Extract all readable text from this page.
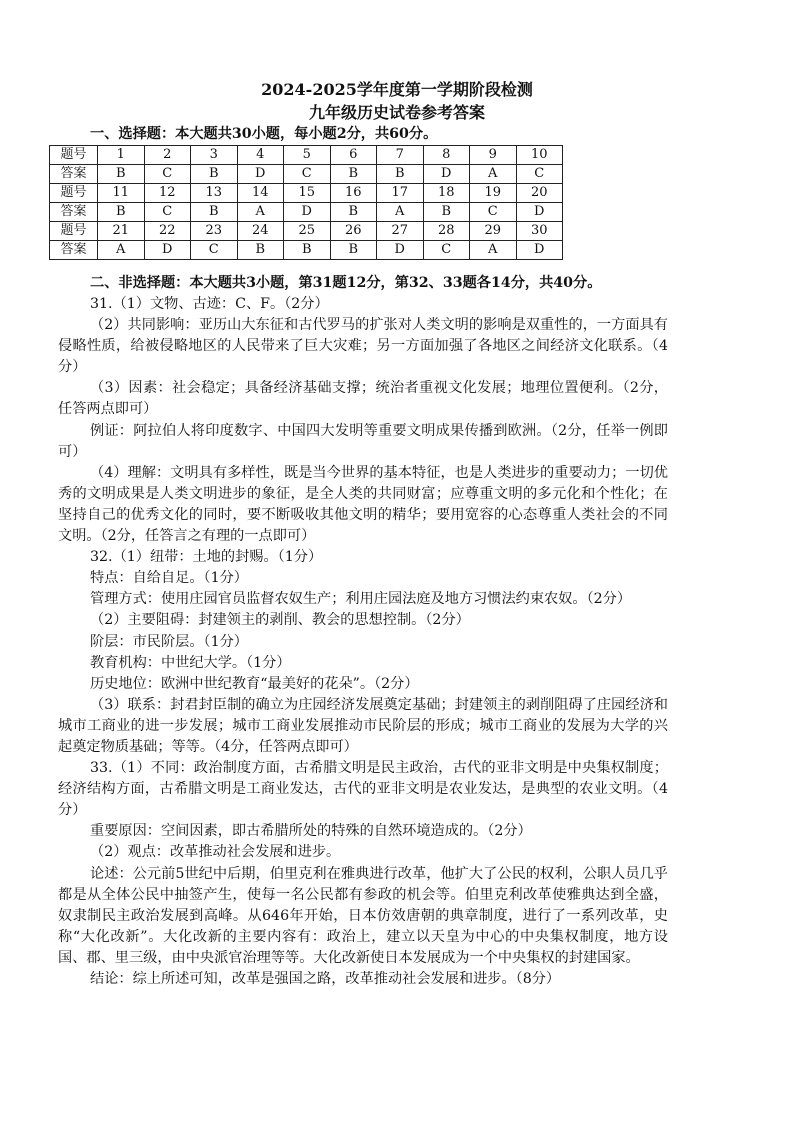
2024-2025学年度第一学期阶段检测
九年级历史试卷参考答案
一、选择题：本大题共30小题，每小题2分，共60分。
题号	1	2	3	4	5	6	7	8	9	10
答案	B	C	B	D	C	B	B	D	A	C
题号	11	12	13	14	15	16	17	18	19	20
答案	B	C	B	A	D	B	A	B	C	D
题号	21	22	23	24	25	26	27	28	29	30
答案	A	D	C	B	B	B	D	C	A	D
二、非选择题：本大题共3小题，第31题12分，第32、33题各14分，共40分。

31.（1）文物、古迹：C、F。（2分）

（2）共同影响：亚历山大东征和古代罗马的扩张对人类文明的影响是双重性的，一方面具有侵略性质，给被侵略地区的人民带来了巨大灾难；另一方面加强了各地区之间经济文化联系。（4分）

（3）因素：社会稳定；具备经济基础支撑；统治者重视文化发展；地理位置便利。（2分，任答两点即可）

例证：阿拉伯人将印度数字、中国四大发明等重要文明成果传播到欧洲。（2分，任举一例即可）

（4）理解：文明具有多样性，既是当今世界的基本特征，也是人类进步的重要动力；一切优秀的文明成果是人类文明进步的象征，是全人类的共同财富；应尊重文明的多元化和个性化；在坚持自己的优秀文化的同时，要不断吸收其他文明的精华；要用宽容的心态尊重人类社会的不同文明。（2分，任答言之有理的一点即可）

32.（1）纽带：土地的封赐。（1分）

特点：自给自足。（1分）

管理方式：使用庄园官员监督农奴生产；利用庄园法庭及地方习惯法约束农奴。（2分）

（2）主要阻碍：封建领主的剥削、教会的思想控制。（2分）

阶层：市民阶层。（1分）

教育机构：中世纪大学。（1分）

历史地位：欧洲中世纪教育“最美好的花朵”。（2分）

（3）联系：封君封臣制的确立为庄园经济发展奠定基础；封建领主的剥削阻碍了庄园经济和城市工商业的进一步发展；城市工商业发展推动市民阶层的形成；城市工商业的发展为大学的兴起奠定物质基础；等等。（4分，任答两点即可）

33.（1）不同：政治制度方面，古希腊文明是民主政治，古代的亚非文明是中央集权制度；经济结构方面，古希腊文明是工商业发达，古代的亚非文明是农业发达，是典型的农业文明。（4分）

重要原因：空间因素，即古希腊所处的特殊的自然环境造成的。（2分）

（2）观点：改革推动社会发展和进步。

论述：公元前5世纪中后期，伯里克利在雅典进行改革，他扩大了公民的权利，公职人员几乎都是从全体公民中抽签产生，使每一名公民都有参政的机会等。伯里克利改革使雅典达到全盛，奴隶制民主政治发展到高峰。从646年开始，日本仿效唐朝的典章制度，进行了一系列改革，史称“大化改新”。大化改新的主要内容有：政治上，建立以天皇为中心的中央集权制度，地方设国、郡、里三级，由中央派官治理等等。大化改新使日本发展成为一个中央集权的封建国家。

结论：综上所述可知，改革是强国之路，改革推动社会发展和进步。（8分）
